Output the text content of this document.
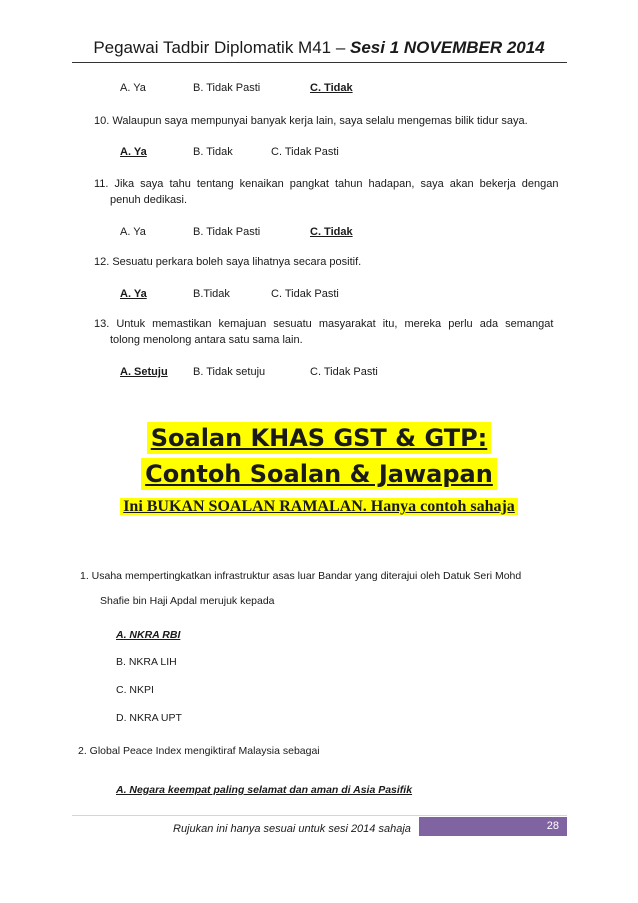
Pegawai Tadbir Diplomatik M41 – Sesi 1 NOVEMBER 2014
A. Ya	B. Tidak Pasti	C. Tidak
10. Walaupun saya mempunyai banyak kerja lain, saya selalu mengemas bilik tidur saya.
A. Ya	B. Tidak	C. Tidak Pasti
11. Jika saya tahu tentang kenaikan pangkat tahun hadapan, saya akan bekerja dengan
penuh dedikasi.
A. Ya	B. Tidak Pasti	C. Tidak
12. Sesuatu perkara boleh saya lihatnya secara positif.
A. Ya	B.Tidak	C. Tidak Pasti
13. Untuk memastikan kemajuan sesuatu masyarakat itu, mereka perlu ada semangat
tolong menolong antara satu sama lain.
A. Setuju B. Tidak setuju	C. Tidak Pasti
Soalan KHAS GST & GTP:
Contoh Soalan & Jawapan
Ini BUKAN SOALAN RAMALAN. Hanya contoh sahaja
1. Usaha mempertingkatkan infrastruktur asas luar Bandar yang diterajui oleh Datuk Seri Mohd
Shafie bin Haji Apdal merujuk kepada
A. NKRA RBI
B. NKRA LIH
C. NKPI
D. NKRA UPT
2. Global Peace Index mengiktiraf Malaysia sebagai
A. Negara keempat paling selamat dan aman di Asia Pasifik
Rujukan ini hanya sesuai untuk sesi 2014 sahaja	28
